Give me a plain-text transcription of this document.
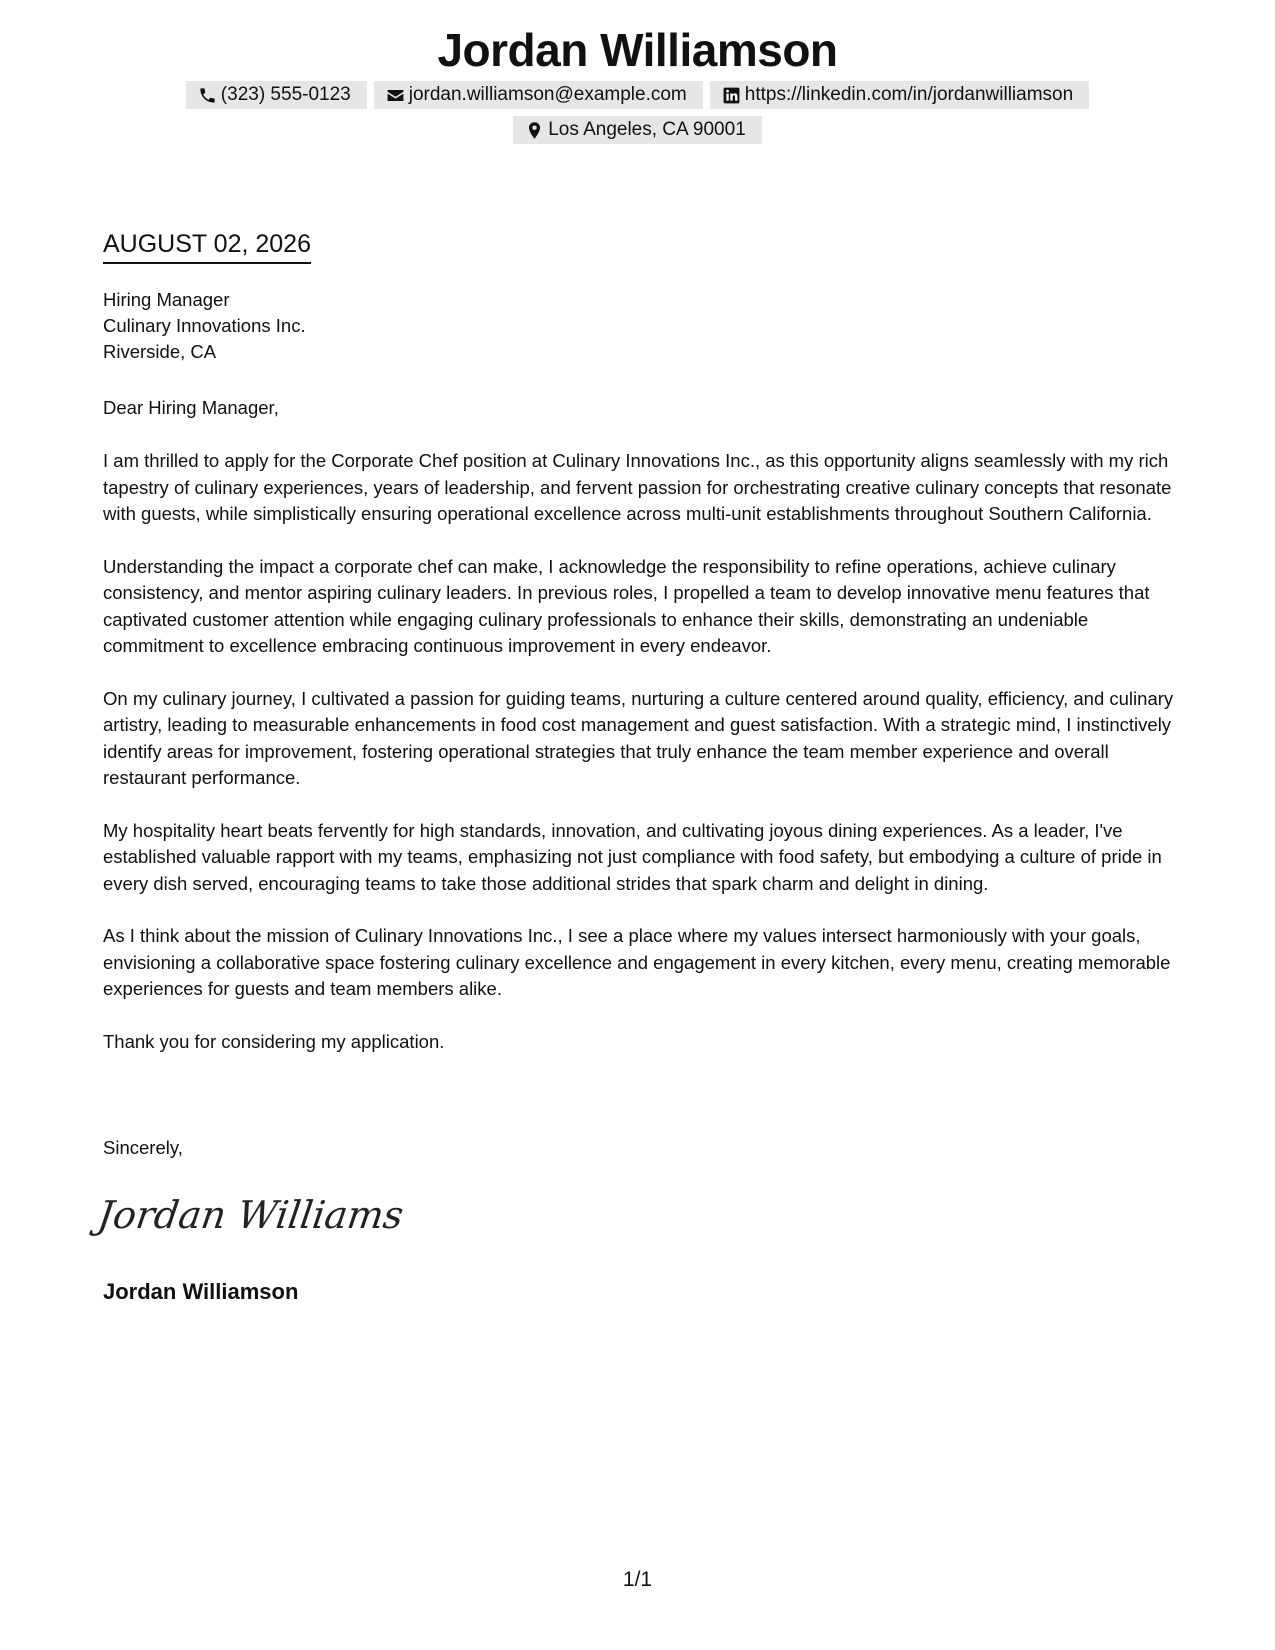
Jordan Williamson
(323) 555-0123	jordan.williamson@example.com	https://linkedin.com/in/jordanwilliamson
Los Angeles, CA 90001
AUGUST 02, 2026
Hiring Manager
Culinary Innovations Inc.
Riverside, CA
Dear Hiring Manager,

I am thrilled to apply for the Corporate Chef position at Culinary Innovations Inc., as this opportunity aligns seamlessly with my rich tapestry of culinary experiences, years of leadership, and fervent passion for orchestrating creative culinary concepts that resonate with guests, while simplistically ensuring operational excellence across multi-unit establishments throughout Southern California.

Understanding the impact a corporate chef can make, I acknowledge the responsibility to refine operations, achieve culinary consistency, and mentor aspiring culinary leaders. In previous roles, I propelled a team to develop innovative menu features that captivated customer attention while engaging culinary professionals to enhance their skills, demonstrating an undeniable commitment to excellence embracing continuous improvement in every endeavor.

On my culinary journey, I cultivated a passion for guiding teams, nurturing a culture centered around quality, efficiency, and culinary artistry, leading to measurable enhancements in food cost management and guest satisfaction. With a strategic mind, I instinctively identify areas for improvement, fostering operational strategies that truly enhance the team member experience and overall restaurant performance.

My hospitality heart beats fervently for high standards, innovation, and cultivating joyous dining experiences. As a leader, I've established valuable rapport with my teams, emphasizing not just compliance with food safety, but embodying a culture of pride in every dish served, encouraging teams to take those additional strides that spark charm and delight in dining.

As I think about the mission of Culinary Innovations Inc., I see a place where my values intersect harmoniously with your goals, envisioning a collaborative space fostering culinary excellence and engagement in every kitchen, every menu, creating memorable experiences for guests and team members alike.

Thank you for considering my application.

Sincerely,
Jordan Williams
Jordan Williamson
1/1
